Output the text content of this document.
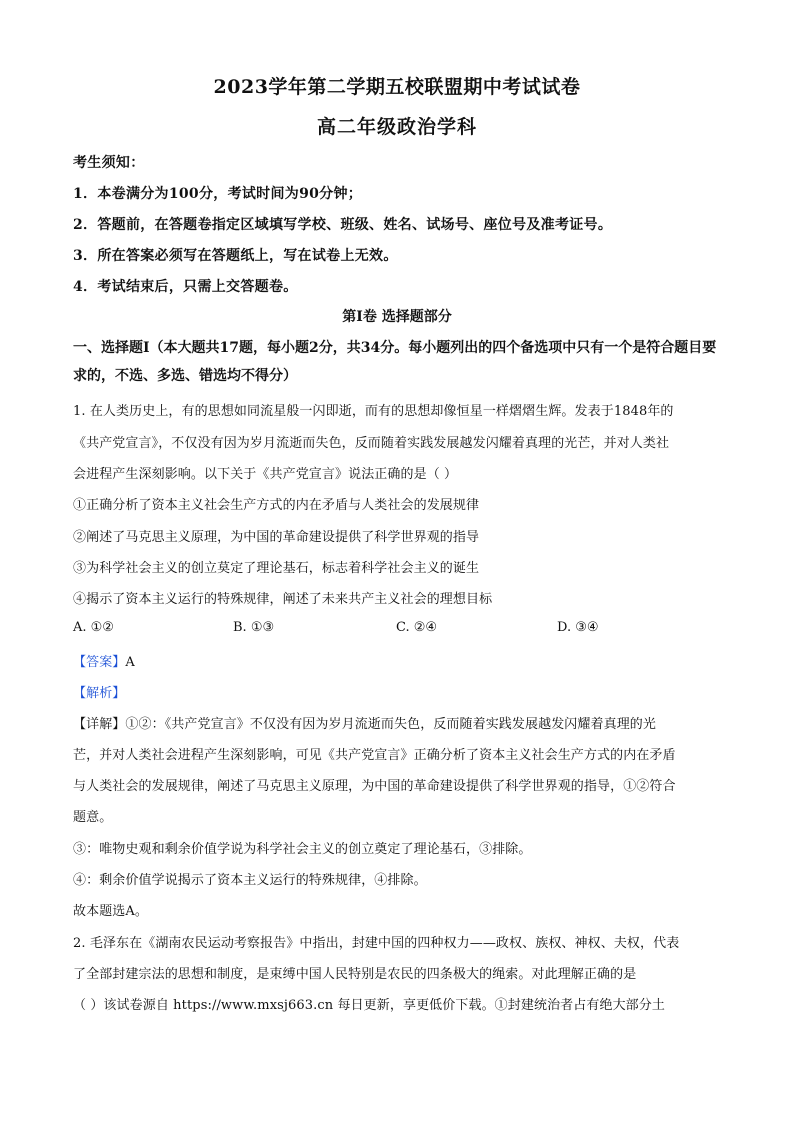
2023学年第二学期五校联盟期中考试试卷
高二年级政治学科
考生须知：
1．本卷满分为100分，考试时间为90分钟；
2．答题前，在答题卷指定区域填写学校、班级、姓名、试场号、座位号及准考证号。
3．所在答案必须写在答题纸上，写在试卷上无效。
4．考试结束后，只需上交答题卷。
第Ⅰ卷 选择题部分
一、选择题Ⅰ（本大题共17题，每小题2分，共34分。每小题列出的四个备选项中只有一个是符合题目要求的，不选、多选、错选均不得分）
1. 在人类历史上，有的思想如同流星般一闪即逝，而有的思想却像恒星一样熠熠生辉。发表于1848年的
《共产党宣言》，不仅没有因为岁月流逝而失色，反而随着实践发展越发闪耀着真理的光芒，并对人类社
会进程产生深刻影响。以下关于《共产党宣言》说法正确的是（ ）
①正确分析了资本主义社会生产方式的内在矛盾与人类社会的发展规律
②阐述了马克思主义原理，为中国的革命建设提供了科学世界观的指导
③为科学社会主义的创立莫定了理论基石，标志着科学社会主义的诞生
④揭示了资本主义运行的特殊规律，阐述了未来共产主义社会的理想目标
A. ①②	B. ①③	C. ②④	D. ③④
【答案】A
【解析】
【详解】①②：《共产党宣言》不仅没有因为岁月流逝而失色，反而随着实践发展越发闪耀着真理的光
芒，并对人类社会进程产生深刻影响，可见《共产党宣言》正确分析了资本主义社会生产方式的内在矛盾
与人类社会的发展规律，阐述了马克思主义原理，为中国的革命建设提供了科学世界观的指导，①②符合
题意。
③：唯物史观和剩余价值学说为科学社会主义的创立奠定了理论基石，③排除。
④：剩余价值学说揭示了资本主义运行的特殊规律，④排除。
故本题选A。
2. 毛泽东在《湖南农民运动考察报告》中指出，封建中国的四种权力——政权、族权、神权、夫权，代表
了全部封建宗法的思想和制度，是束缚中国人民特别是农民的四条极大的绳索。对此理解正确的是
（ ）该试卷源自 https://www.mxsj663.cn 每日更新，享更低价下载。①封建统治者占有绝大部分土
